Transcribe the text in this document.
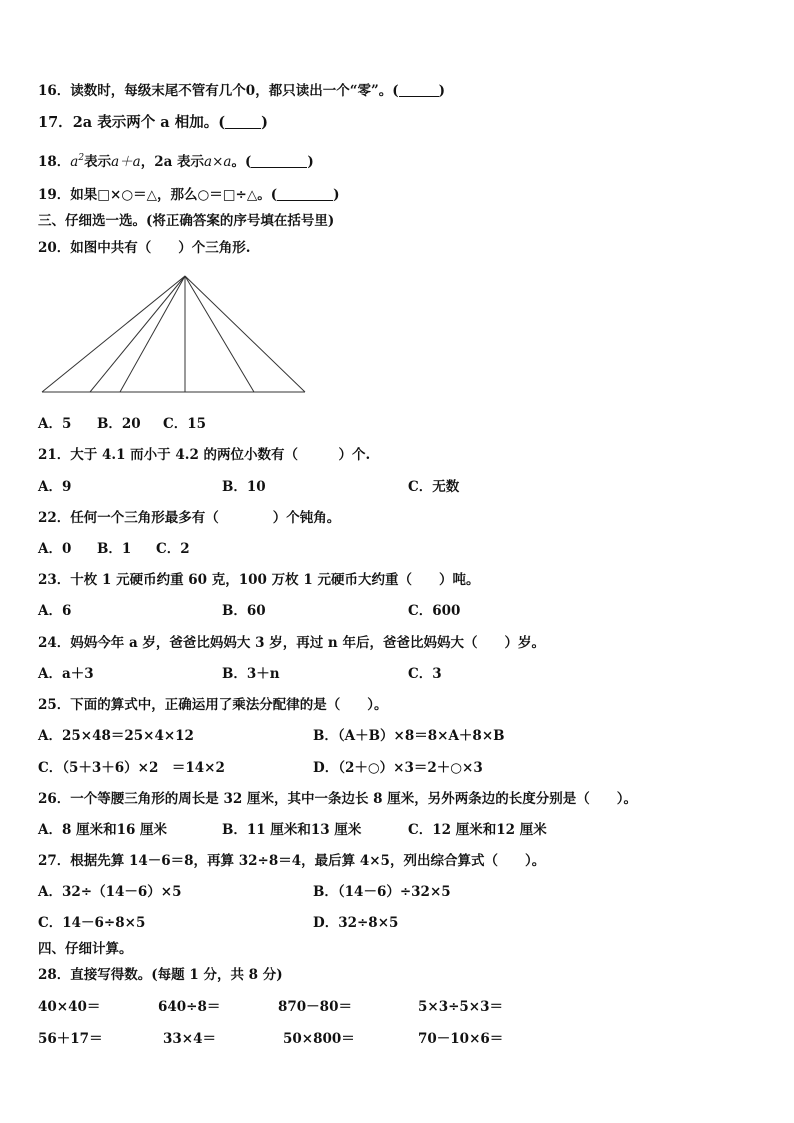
16．读数时，每级末尾不管有几个0，都只读出一个“零”。(	)
17．2a 表示两个 a 相加。( )
18．$a^2$表示a＋a，2a 表示a×a。(	)
19．如果□×○＝△，那么○＝□÷△。(	)
三、仔细选一选。(将正确答案的序号填在括号里)
20．如图中共有（　　）个三角形.
A．5 B．20 C．15
21．大于 4.1 而小于 4.2 的两位小数有（　　　）个.
A．9	B．10	C．无数
22．任何一个三角形最多有（　　　　）个钝角。
A．0 B．1 C．2
23．十枚 1 元硬币约重 60 克，100 万枚 1 元硬币大约重（　　）吨。
A．6	B．60	C．600
24．妈妈今年 a 岁，爸爸比妈妈大 3 岁，再过 n 年后，爸爸比妈妈大（　　）岁。
A．a＋3	B．3＋n	C．3
25．下面的算式中，正确运用了乘法分配律的是（　　）。
A．25×48＝25×4×12	B．（A＋B）×8＝8×A＋8×B
C．（5＋3＋6）×2　＝14×2	D．（2＋○）×3＝2＋○×3
26．一个等腰三角形的周长是 32 厘米，其中一条边长 8 厘米，另外两条边的长度分别是（　　）。
A．8 厘米和16 厘米	B．11 厘米和13 厘米	C．12 厘米和12 厘米
27．根据先算 14－6＝8，再算 32÷8＝4，最后算 4×5，列出综合算式（　　）。
A．32÷（14－6）×5	B．（14－6）÷32×5
C．14－6÷8×5	D．32÷8×5
四、仔细计算。
28．直接写得数。(每题 1 分，共 8 分)
40×40＝	640÷8＝	870－80＝	5×3÷5×3＝
56＋17＝	33×4＝	50×800＝	70－10×6＝
